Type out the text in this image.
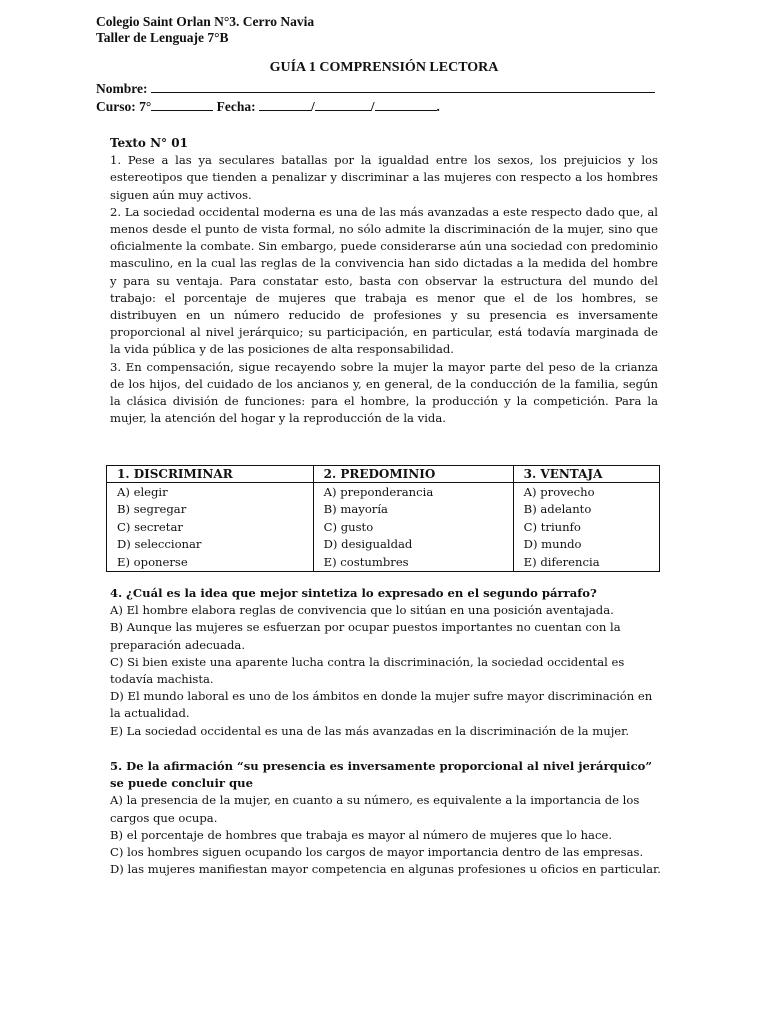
Colegio Saint Orlan N°3. Cerro Navia
Taller de Lenguaje 7°B
GUÍA 1 COMPRENSIÓN LECTORA
Nombre:
Curso: 7°	Fecha:	/	/	.

Texto N° 01

1. Pese a las ya seculares batallas por la igualdad entre los sexos, los prejuicios y los estereotipos que tienden a penalizar y discriminar a las mujeres con respecto a los hombres siguen aún muy activos.

2. La sociedad occidental moderna es una de las más avanzadas a este respecto dado que, al menos desde el punto de vista formal, no sólo admite la discriminación de la mujer, sino que oficialmente la combate. Sin embargo, puede considerarse aún una sociedad con predominio masculino, en la cual las reglas de la convivencia han sido dictadas a la medida del hombre y para su ventaja. Para constatar esto, basta con observar la estructura del mundo del trabajo: el porcentaje de mujeres que trabaja es menor que el de los hombres, se distribuyen en un número reducido de profesiones y su presencia es inversamente proporcional al nivel jerárquico; su participación, en particular, está todavía marginada de la vida pública y de las posiciones de alta responsabilidad.

3. En compensación, sigue recayendo sobre la mujer la mayor parte del peso de la crianza de los hijos, del cuidado de los ancianos y, en general, de la conducción de la familia, según la clásica división de funciones: para el hombre, la producción y la competición. Para la mujer, la atención del hogar y la reproducción de la vida.

1. DISCRIMINAR	2. PREDOMINIO	3. VENTAJA
A) elegir	A) preponderancia	A) provecho
B) segregar	B) mayoría	B) adelanto
C) secretar	C) gusto	C) triunfo
D) seleccionar	D) desigualdad	D) mundo
E) oponerse	E) costumbres	E) diferencia

4. ¿Cuál es la idea que mejor sintetiza lo expresado en el segundo párrafo?

A) El hombre elabora reglas de convivencia que lo sitúan en una posición aventajada.

B) Aunque las mujeres se esfuerzan por ocupar puestos importantes no cuentan con la preparación adecuada.

C) Si bien existe una aparente lucha contra la discriminación, la sociedad occidental es todavía machista.

D) El mundo laboral es uno de los ámbitos en donde la mujer sufre mayor discriminación en la actualidad.

E) La sociedad occidental es una de las más avanzadas en la discriminación de la mujer.

5. De la afirmación “su presencia es inversamente proporcional al nivel jerárquico” se puede concluir que

A) la presencia de la mujer, en cuanto a su número, es equivalente a la importancia de los cargos que ocupa.

B) el porcentaje de hombres que trabaja es mayor al número de mujeres que lo hace.

C) los hombres siguen ocupando los cargos de mayor importancia dentro de las empresas.

D) las mujeres manifiestan mayor competencia en algunas profesiones u oficios en particular.
